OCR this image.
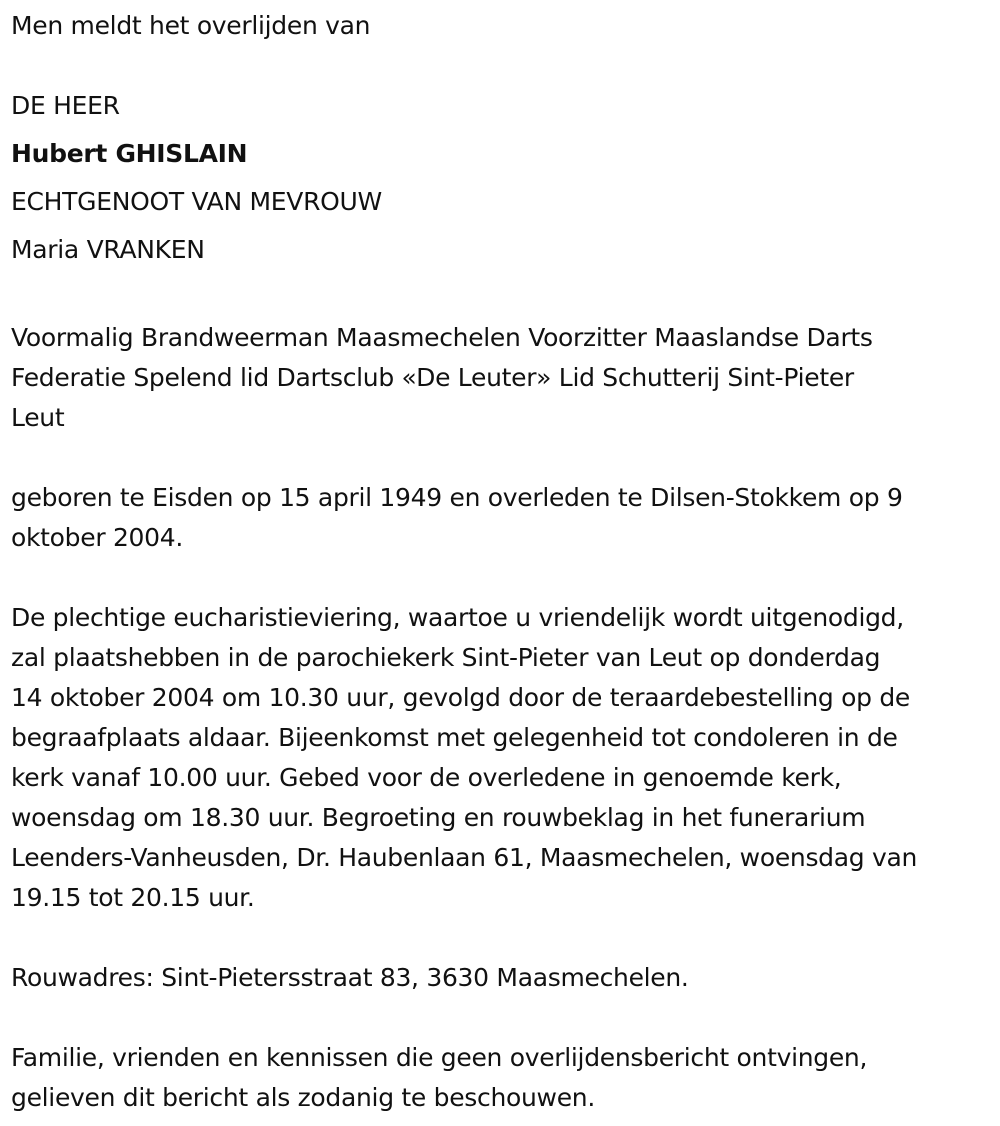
Men meldt het overlijden van

DE HEER
Hubert GHISLAIN
ECHTGENOOT VAN MEVROUW
Maria VRANKEN
Voormalig Brandweerman Maasmechelen Voorzitter Maaslandse Darts
Federatie Spelend lid Dartsclub «De Leuter» Lid Schutterij Sint-Pieter
Leut
geboren te Eisden op 15 april 1949 en overleden te Dilsen-Stokkem op 9
oktober 2004.
De plechtige eucharistieviering, waartoe u vriendelijk wordt uitgenodigd,
zal plaatshebben in de parochiekerk Sint-Pieter van Leut op donderdag
14 oktober 2004 om 10.30 uur, gevolgd door de teraardebestelling op de
begraafplaats aldaar. Bijeenkomst met gelegenheid tot condoleren in de
kerk vanaf 10.00 uur. Gebed voor de overledene in genoemde kerk,
woensdag om 18.30 uur. Begroeting en rouwbeklag in het funerarium
Leenders-Vanheusden, Dr. Haubenlaan 61, Maasmechelen, woensdag van
19.15 tot 20.15 uur.

Rouwadres: Sint-Pietersstraat 83, 3630 Maasmechelen.

Familie, vrienden en kennissen die geen overlijdensbericht ontvingen,
gelieven dit bericht als zodanig te beschouwen.
